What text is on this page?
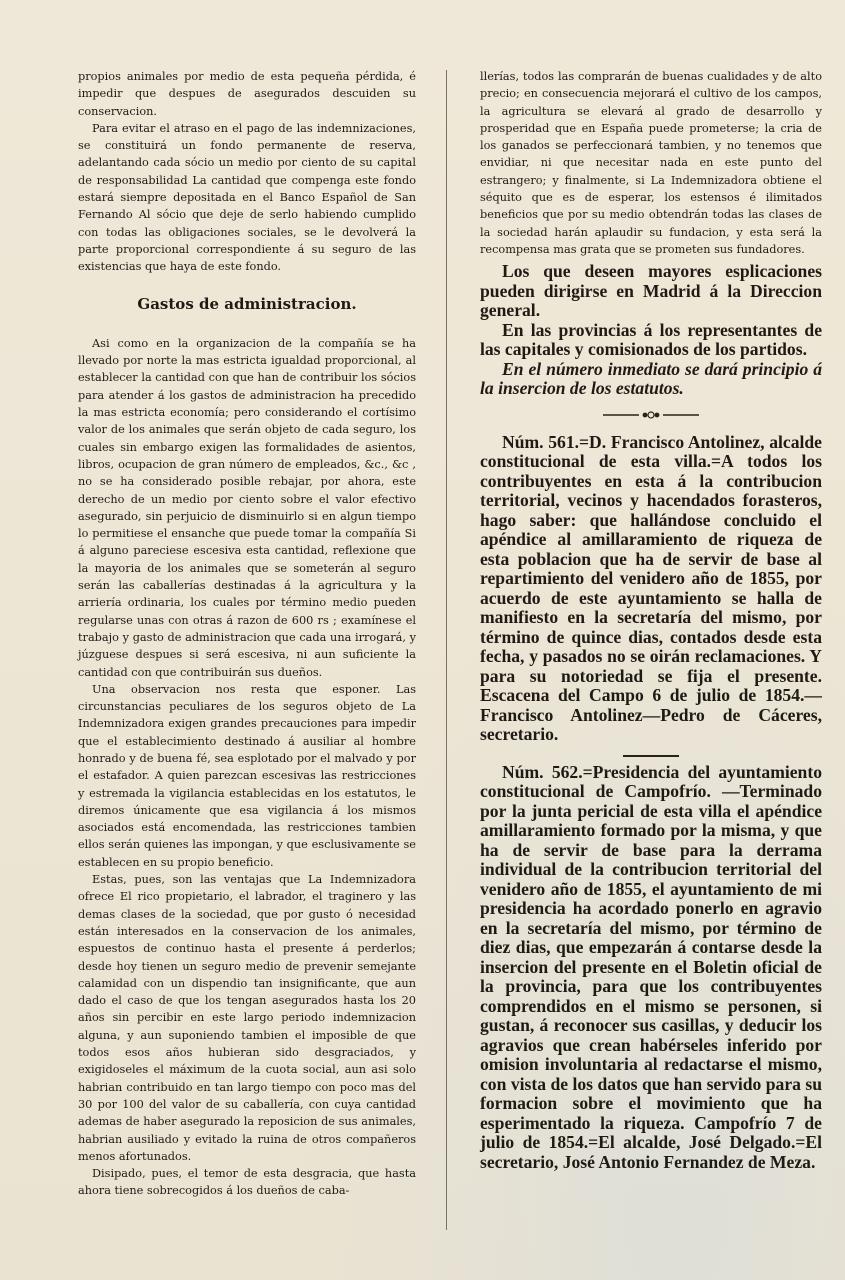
propios animales por medio de esta pequeña pérdida, é impedir que despues de asegurados descuiden su conservacion.

Para evitar el atraso en el pago de las indemnizaciones, se constituirá un fondo permanente de reserva, adelantando cada sócio un medio por ciento de su capital de responsabilidad La cantidad que compenga este fondo estará siempre depositada en el Banco Español de San Fernando Al sócio que deje de serlo habiendo cumplido con todas las obligaciones sociales, se le devolverá la parte proporcional correspondiente á su seguro de las existencias que haya de este fondo.

Gastos de administracion.

Asi como en la organizacion de la compañía se ha llevado por norte la mas estricta igualdad proporcional, al establecer la cantidad con que han de contribuir los sócios para atender á los gastos de administracion ha precedido la mas estricta economía; pero considerando el cortísimo valor de los animales que serán objeto de cada seguro, los cuales sin embargo exigen las formalidades de asientos, libros, ocupacion de gran número de empleados, &c., &c , no se ha considerado posible rebajar, por ahora, este derecho de un medio por ciento sobre el valor efectivo asegurado, sin perjuicio de disminuirlo si en algun tiempo lo permitiese el ensanche que puede tomar la compañía Si á alguno pareciese escesiva esta cantidad, reflexione que la mayoria de los animales que se someterán al seguro serán las caballerías destinadas á la agricultura y la arriería ordinaria, los cuales por término medio pueden regularse unas con otras á razon de 600 rs ; examínese el trabajo y gasto de administracion que cada una irrogará, y júzguese despues si será escesiva, ni aun suficiente la cantidad con que contribuirán sus dueños.

Una observacion nos resta que esponer. Las circunstancias peculiares de los seguros objeto de La Indemnizadora exigen grandes precauciones para impedir que el establecimiento destinado á ausiliar al hombre honrado y de buena fé, sea esplotado por el malvado y por el estafador. A quien parezcan escesivas las restricciones y estremada la vigilancia establecidas en los estatutos, le diremos únicamente que esa vigilancia á los mismos asociados está encomendada, las restricciones tambien ellos serán quienes las impongan, y que esclusivamente se establecen en su propio beneficio.

Estas, pues, son las ventajas que La Indemnizadora ofrece El rico propietario, el labrador, el traginero y las demas clases de la sociedad, que por gusto ó necesidad están interesados en la conservacion de los animales, espuestos de continuo hasta el presente á perderlos; desde hoy tienen un seguro medio de prevenir semejante calamidad con un dispendio tan insignificante, que aun dado el caso de que los tengan asegurados hasta los 20 años sin percibir en este largo periodo indemnizacion alguna, y aun suponiendo tambien el imposible de que todos esos años hubieran sido desgraciados, y exigidoseles el máximum de la cuota social, aun asi solo habrian contribuido en tan largo tiempo con poco mas del 30 por 100 del valor de su caballería, con cuya cantidad ademas de haber asegurado la reposicion de sus animales, habrian ausiliado y evitado la ruina de otros compañeros menos afortunados.

Disipado, pues, el temor de esta desgracia, que hasta ahora tiene sobrecogidos á los dueños de caba-

llerías, todos las comprarán de buenas cualidades y de alto precio; en consecuencia mejorará el cultivo de los campos, la agricultura se elevará al grado de desarrollo y prosperidad que en España puede prometerse; la cria de los ganados se perfeccionará tambien, y no tenemos que envidiar, ni que necesitar nada en este punto del estrangero; y finalmente, si La Indemnizadora obtiene el séquito que es de esperar, los estensos é ilimitados beneficios que por su medio obtendrán todas las clases de la sociedad harán aplaudir su fundacion, y esta será la recompensa mas grata que se prometen sus fundadores.

Los que deseen mayores esplicaciones pueden dirigirse en Madrid á la Direccion general.

En las provincias á los representantes de las capitales y comisionados de los partidos.

En el número inmediato se dará principio á la insercion de los estatutos.

Núm. 561.=D. Francisco Antolinez, alcalde constitucional de esta villa.=A todos los contribuyentes en esta á la contribucion territorial, vecinos y hacendados forasteros, hago saber: que hallándose concluido el apéndice al amillaramiento de riqueza de esta poblacion que ha de servir de base al repartimiento del venidero año de 1855, por acuerdo de este ayuntamiento se halla de manifiesto en la secretaría del mismo, por término de quince dias, contados desde esta fecha, y pasados no se oirán reclamaciones. Y para su notoriedad se fija el presente. Escacena del Campo 6 de julio de 1854.—Francisco Antolinez—Pedro de Cáceres, secretario.

Núm. 562.=Presidencia del ayuntamiento constitucional de Campofrío. —Terminado por la junta pericial de esta villa el apéndice amillaramiento formado por la misma, y que ha de servir de base para la derrama individual de la contribucion territorial del venidero año de 1855, el ayuntamiento de mi presidencia ha acordado ponerlo en agravio en la secretaría del mismo, por término de diez dias, que empezarán á contarse desde la insercion del presente en el Boletin oficial de la provincia, para que los contribuyentes comprendidos en el mismo se personen, si gustan, á reconocer sus casillas, y deducir los agravios que crean habérseles inferido por omision involuntaria al redactarse el mismo, con vista de los datos que han servido para su formacion sobre el movimiento que ha esperimentado la riqueza. Campofrío 7 de julio de 1854.=El alcalde, José Delgado.=El secretario, José Antonio Fernandez de Meza.
